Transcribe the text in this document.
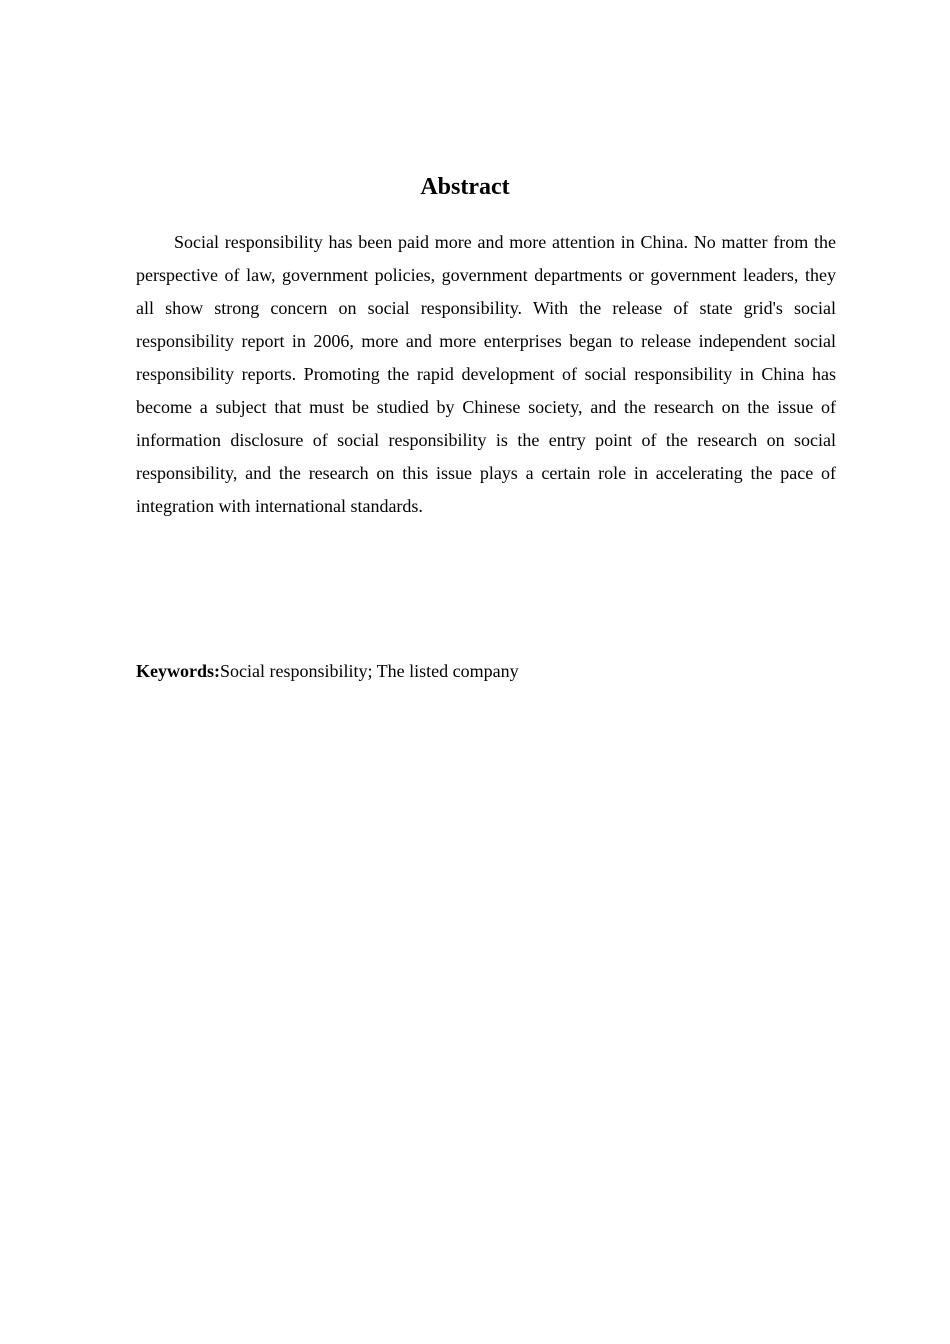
Abstract

Social responsibility has been paid more and more attention in China. No matter from the perspective of law, government policies, government departments or government leaders, they all show strong concern on social responsibility. With the release of state grid's social responsibility report in 2006, more and more enterprises began to release independent social responsibility reports. Promoting the rapid development of social responsibility in China has become a subject that must be studied by Chinese society, and the research on the issue of information disclosure of social responsibility is the entry point of the research on social responsibility, and the research on this issue plays a certain role in accelerating the pace of integration with international standards.

Keywords:Social responsibility; The listed company
